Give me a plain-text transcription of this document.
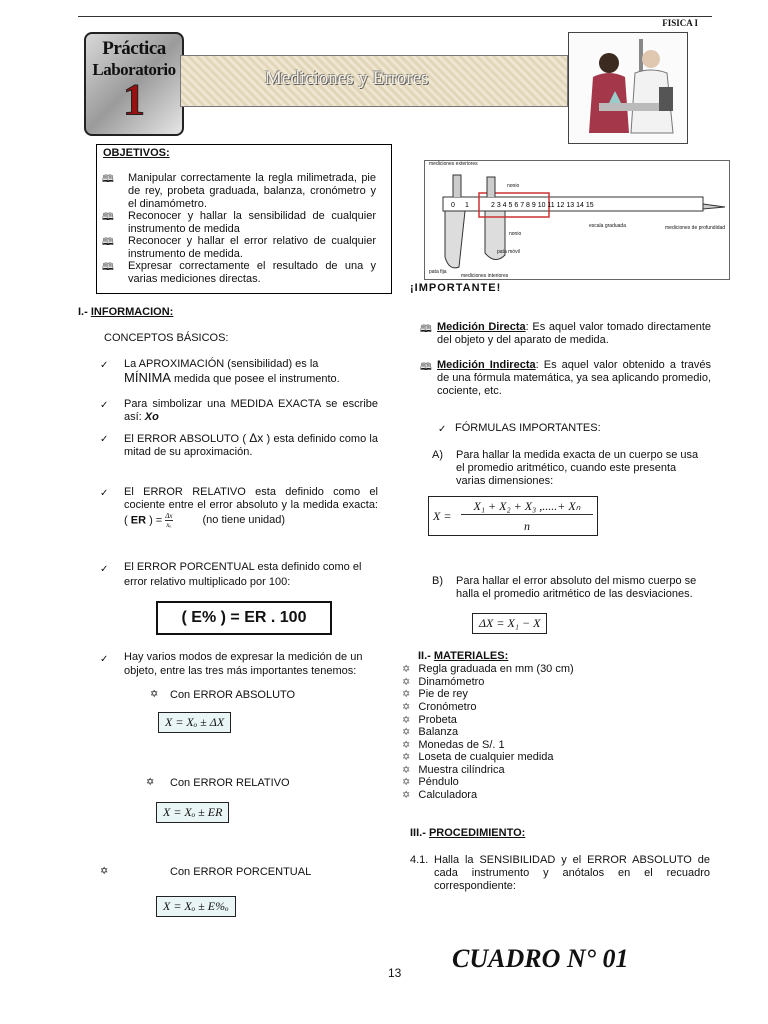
FISICA I
Práctica
Laboratorio
1	Mediciones y Errores
OBJETIVOS:
🕮 Manipular correctamente la regla milimetrada, pie de rey, probeta graduada, balanza, cronómetro y el dinamómetro.
🕮 Reconocer y hallar la sensibilidad de cualquier instrumento de medida
🕮 Reconocer y hallar el error relativo de cualquier instrumento de medida.
🕮 Expresar correctamente el resultado de una y varias mediciones directas.
0 1	2 3 4 5 6 7 8 9 10 11 12 13 14 15
mediciones exteriores
nonio
escala graduada	mediciones de profundidad
nonio
pata móvil
pata fija
mediciones interiores
I.- INFORMACION:
CONCEPTOS BÁSICOS:
✓ La APROXIMACIÓN (sensibilidad) es la
MÍNIMA medida que posee el instrumento.
✓ Para simbolizar una MEDIDA EXACTA se escribe así: Xo
✓ El ERROR ABSOLUTO ( Δx ) esta definido como la mitad de su aproximación.
✓ El ERROR RELATIVO esta definido como el cociente entre el error absoluto y la medida exacta: ( ER ) = $\frac{\Delta x}{\text{xₒ}}$	(no tiene unidad)
✓ El ERROR PORCENTUAL esta definido como el error relativo multiplicado por 100:
( E% ) = ER . 100
✓ Hay varios modos de expresar la medición de un objeto, entre las tres más importantes tenemos:
✡ Con ERROR ABSOLUTO
X = Xₒ ± ΔX
✡ Con ERROR RELATIVO
X = Xₒ ± ER
✡	Con ERROR PORCENTUAL
X = Xₒ ± E%ₒ
¡IMPORTANTE!
🕮 Medición Directa: Es aquel valor tomado directamente del objeto y del aparato de medida.
🕮 Medición Indirecta: Es aquel valor obtenido a través de una fórmula matemática, ya sea aplicando promedio, cociente, etc.
✓ FÓRMULAS IMPORTANTES:
A) Para hallar la medida exacta de un cuerpo se usa el promedio aritmético, cuando este presenta varias dimensiones:
X =
X₁ + X₂ + X₃ ,.....+ Xₙ
n
B) Para hallar el error absoluto del mismo cuerpo se halla el promedio aritmético de las desviaciones.
ΔX = X₁ − X
II.- MATERIALES:
✡ Regla graduada en mm (30 cm)
✡ Dinamómetro
✡ Pie de rey
✡ Cronómetro
✡ Probeta
✡ Balanza
✡ Monedas de S/. 1
✡ Loseta de cualquier medida
✡ Muestra cilíndrica
✡ Péndulo
✡ Calculadora
III.- PROCEDIMIENTO:
4.1. Halla la SENSIBILIDAD y el ERROR ABSOLUTO de cada instrumento y anótalos en el recuadro correspondiente:
CUADRO N° 01
13
